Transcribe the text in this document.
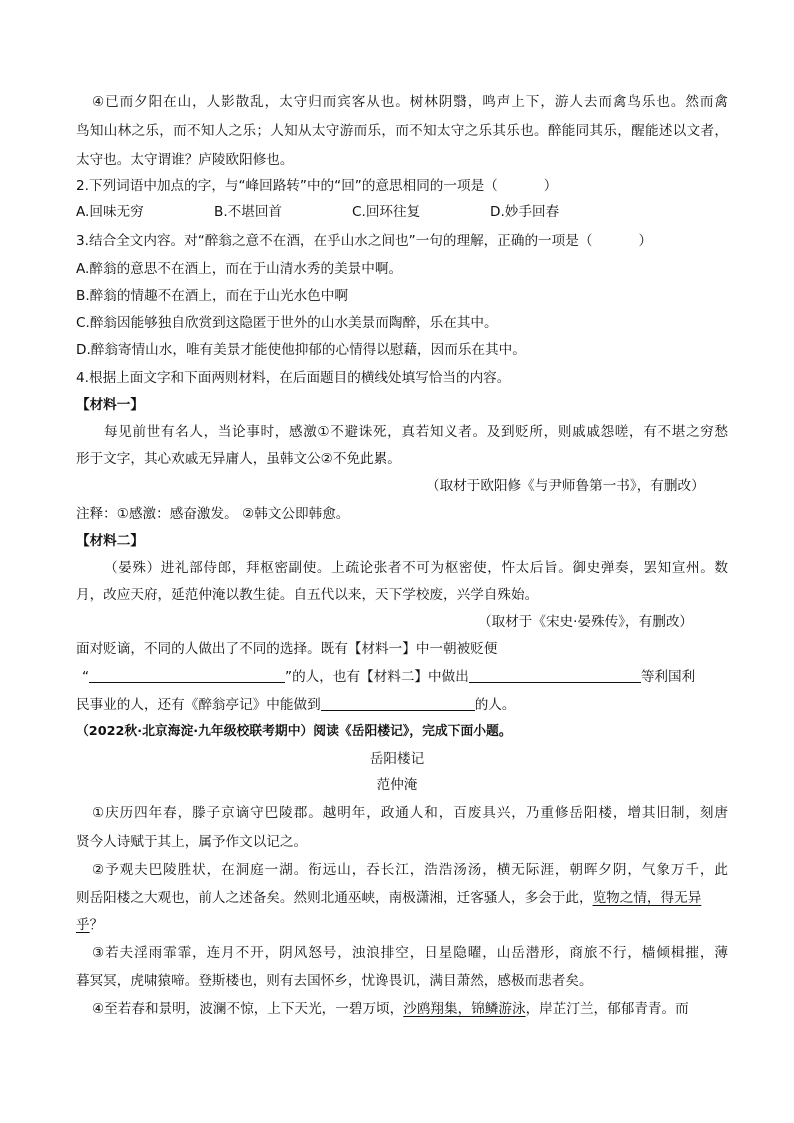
④已而夕阳在山，人影散乱，太守归而宾客从也。树林阴翳，鸣声上下，游人去而禽鸟乐也。然而禽
鸟知山林之乐，而不知人之乐；人知从太守游而乐，而不知太守之乐其乐也。醉能同其乐，醒能述以文者，
太守也。太守谓谁？庐陵欧阳修也。
2.下列词语中加点的字，与“峰回路转”中的“回”的意思相同的一项是（	）
A.回味无穷	B.不堪回首	C.回环往复	D.妙手回春
3.结合全文内容。对“醉翁之意不在酒，在乎山水之间也”一句的理解，正确的一项是（	）
A.醉翁的意思不在酒上，而在于山清水秀的美景中啊。
B.醉翁的情趣不在酒上，而在于山光水色中啊
C.醉翁因能够独自欣赏到这隐匿于世外的山水美景而陶醉，乐在其中。
D.醉翁寄情山水，唯有美景才能使他抑郁的心情得以慰藉，因而乐在其中。
4.根据上面文字和下面两则材料，在后面题目的横线处填写恰当的内容。
【材料一】
每见前世有名人，当论事时，感激①不避诛死，真若知义者。及到贬所，则戚戚怨嗟，有不堪之穷愁
形于文字，其心欢戚无异庸人，虽韩文公②不免此累。
（取材于欧阳修《与尹师鲁第一书》，有删改）
注释：①感激：感奋激发。 ②韩文公即韩愈。
【材料二】
（晏殊）进礼部侍郎，拜枢密副使。上疏论张者不可为枢密使，忤太后旨。御史弹奏，罢知宣州。数
月，改应天府，延范仲淹以教生徒。自五代以来，天下学校废，兴学自殊始。
（取材于《宋史·晏殊传》，有删改）
面对贬谪，不同的人做出了不同的选择。既有【材料一】中一朝被贬便
“	”的人，也有【材料二】中做出	等利国利
民事业的人，还有《醉翁亭记》中能做到	的人。
（2022秋·北京海淀·九年级校联考期中）阅读《岳阳楼记》，完成下面小题。
岳阳楼记
范仲淹
①庆历四年春，滕子京谪守巴陵郡。越明年，政通人和，百废具兴，乃重修岳阳楼，增其旧制，刻唐
贤今人诗赋于其上，属予作文以记之。
②予观夫巴陵胜状，在洞庭一湖。衔远山，吞长江，浩浩汤汤，横无际涯，朝晖夕阴，气象万千，此
则岳阳楼之大观也，前人之述备矣。然则北通巫峡，南极潇湘，迁客骚人，多会于此，览物之情，得无异
乎？
③若夫淫雨霏霏，连月不开，阴风怒号，浊浪排空，日星隐曜，山岳潜形，商旅不行，樯倾楫摧，薄
暮冥冥，虎啸猿啼。登斯楼也，则有去国怀乡，忧谗畏讥，满目萧然，感极而悲者矣。
④至若春和景明，波澜不惊，上下天光，一碧万顷，沙鸥翔集，锦鳞游泳，岸芷汀兰，郁郁青青。而
